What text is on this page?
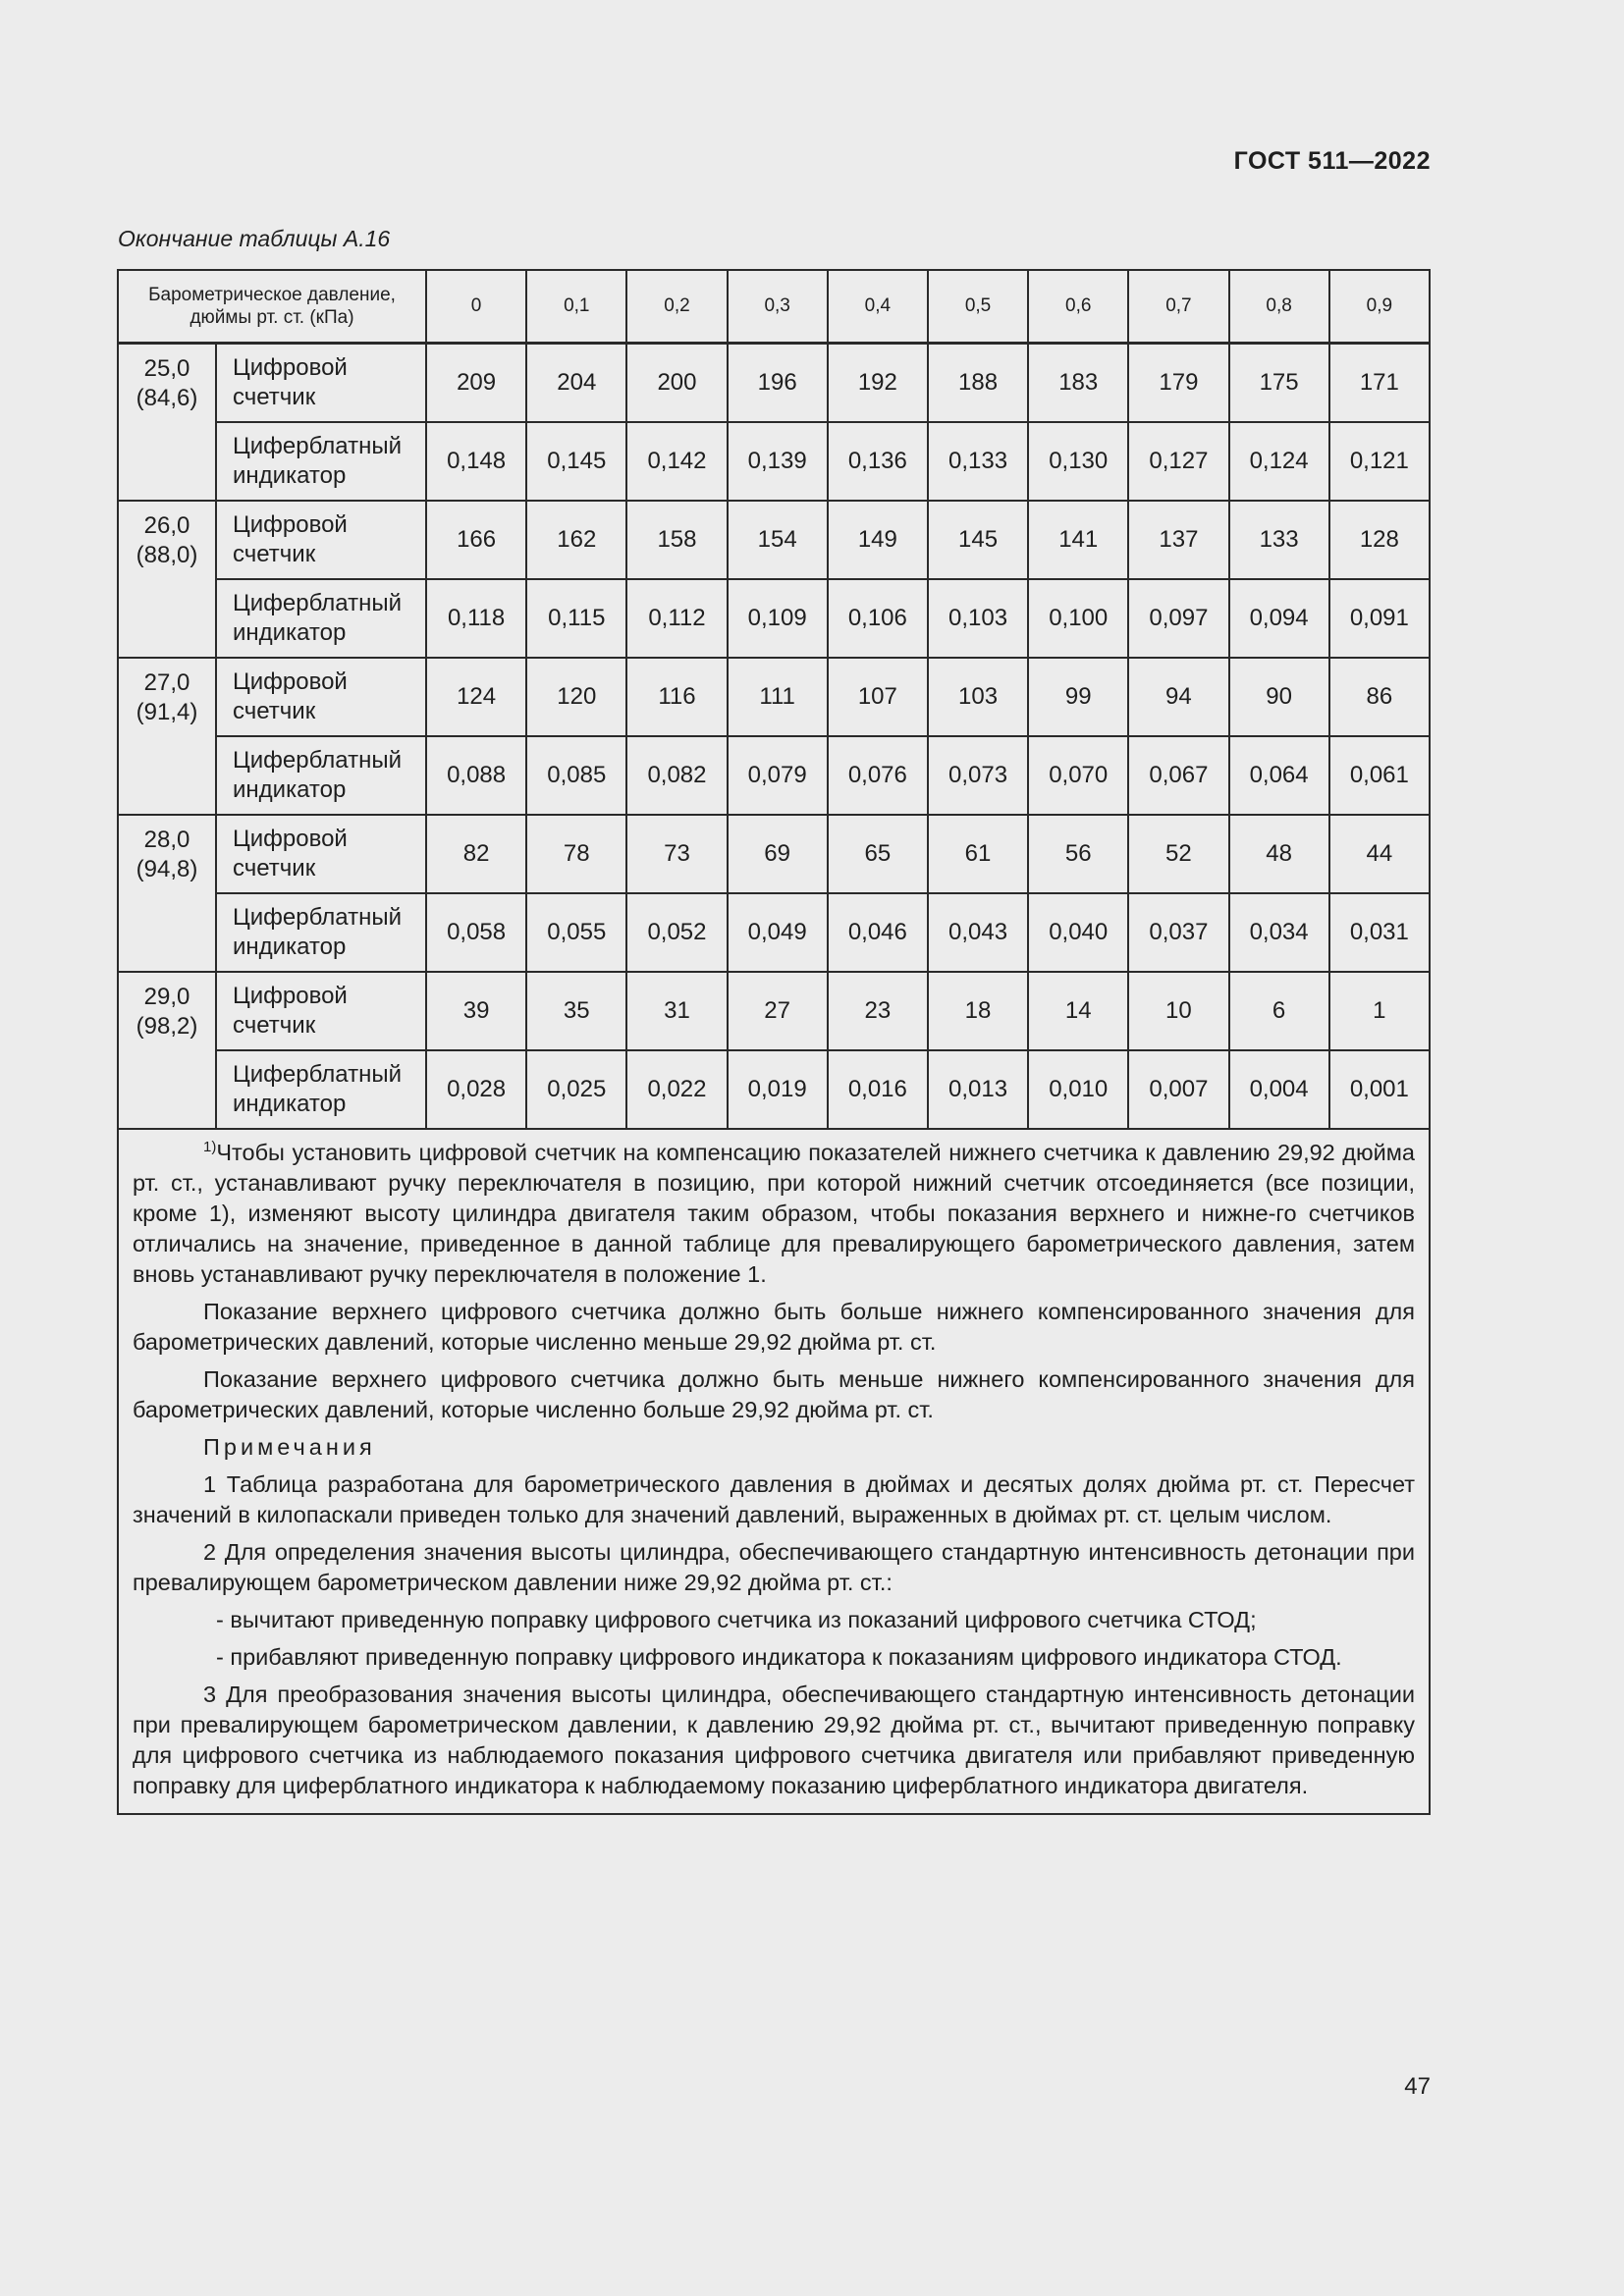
ГОСТ 511—2022
Окончание таблицы А.16
Барометрическое давление, дюймы рт. ст. (кПа)		0	0,1	0,2	0,3	0,4	0,5	0,6	0,7	0,8	0,9

25,0
(84,6)	Цифровой счетчик	209	204	200	196	192	188	183	179	175	171
	Циферблатный индикатор	0,148	0,145	0,142	0,139	0,136	0,133	0,130	0,127	0,124	0,121

26,0
(88,0)	Цифровой счетчик	166	162	158	154	149	145	141	137	133	128
	Циферблатный индикатор	0,118	0,115	0,112	0,109	0,106	0,103	0,100	0,097	0,094	0,091

27,0
(91,4)	Цифровой счетчик	124	120	116	111	107	103	99	94	90	86
	Циферблатный индикатор	0,088	0,085	0,082	0,079	0,076	0,073	0,070	0,067	0,064	0,061

28,0
(94,8)	Цифровой счетчик	82	78	73	69	65	61	56	52	48	44
	Циферблатный индикатор	0,058	0,055	0,052	0,049	0,046	0,043	0,040	0,037	0,034	0,031

29,0
(98,2)	Цифровой счетчик	39	35	31	27	23	18	14	10	6	1
	Циферблатный индикатор	0,028	0,025	0,022	0,019	0,016	0,013	0,010	0,007	0,004	0,001

$^{1)}$Чтобы установить цифровой счетчик на компенсацию показателей нижнего счетчика к давлению 29,92 дюйма рт. ст., устанавливают ручку переключателя в позицию, при которой нижний счетчик отсоединяется (все позиции, кроме 1), изменяют высоту цилиндра двигателя таким образом, чтобы показания верхнего и нижне-го счетчиков отличались на значение, приведенное в данной таблице для превалирующего барометрического давления, затем вновь устанавливают ручку переключателя в положение 1.

Показание верхнего цифрового счетчика должно быть больше нижнего компенсированного значения для барометрических давлений, которые численно меньше 29,92 дюйма рт. ст.

Показание верхнего цифрового счетчика должно быть меньше нижнего компенсированного значения для барометрических давлений, которые численно больше 29,92 дюйма рт. ст.

Примечания

1 Таблица разработана для барометрического давления в дюймах и десятых долях дюйма рт. ст. Пересчет значений в килопаскали приведен только для значений давлений, выраженных в дюймах рт. ст. целым числом.

2 Для определения значения высоты цилиндра, обеспечивающего стандартную интенсивность детонации при превалирующем барометрическом давлении ниже 29,92 дюйма рт. ст.:

- вычитают приведенную поправку цифрового счетчика из показаний цифрового счетчика СТОД;

- прибавляют приведенную поправку цифрового индикатора к показаниям цифрового индикатора СТОД.

3 Для преобразования значения высоты цилиндра, обеспечивающего стандартную интенсивность детонации при превалирующем барометрическом давлении, к давлению 29,92 дюйма рт. ст., вычитают приведенную поправку для цифрового счетчика из наблюдаемого показания цифрового счетчика двигателя или прибавляют приведенную поправку для циферблатного индикатора к наблюдаемому показанию циферблатного индикатора двигателя.

47
